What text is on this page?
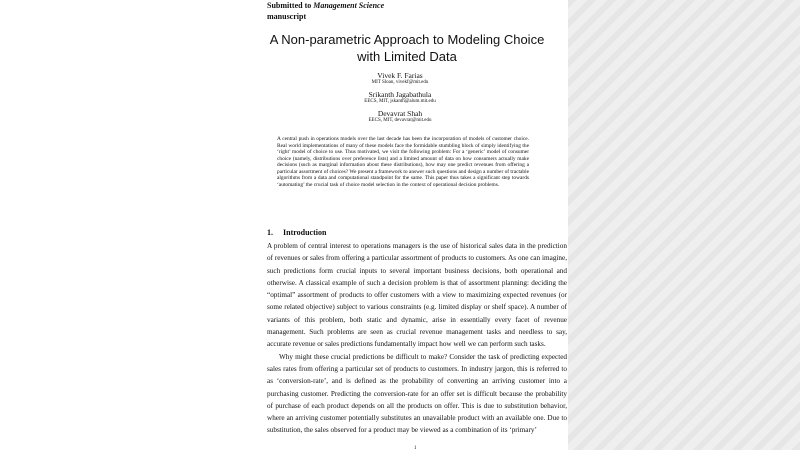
Submitted to Management Science
manuscript
A Non-parametric Approach to Modeling Choice with Limited Data
Vivek F. Farias
MIT Sloan, vivekf@mit.edu
Srikanth Jagabathula
EECS, MIT, jskanth@alum.mit.edu
Devavrat Shah
EECS, MIT, devavrat@mit.edu
A central push in operations models over the last decade has been the incorporation of models of customer choice. Real world implementations of many of these models face the formidable stumbling block of simply identifying the ‘right’ model of choice to use. Thus motivated, we visit the following problem: For a ‘generic’ model of consumer choice (namely, distributions over preference lists) and a limited amount of data on how consumers actually make decisions (such as marginal information about these distributions), how may one predict revenues from offering a particular assortment of choices? We present a framework to answer such questions and design a number of tractable algorithms from a data and computational standpoint for the same. This paper thus takes a significant step towards ‘automating’ the crucial task of choice model selection in the context of operational decision problems.
1. Introduction

A problem of central interest to operations managers is the use of historical sales data in the prediction of revenues or sales from offering a particular assortment of products to customers. As one can imagine, such predictions form crucial inputs to several important business decisions, both operational and otherwise. A classical example of such a decision problem is that of assortment planning: deciding the “optimal” assortment of products to offer customers with a view to maximizing expected revenues (or some related objective) subject to various constraints (e.g. limited display or shelf space). A number of variants of this problem, both static and dynamic, arise in essentially every facet of revenue management. Such problems are seen as crucial revenue management tasks and needless to say, accurate revenue or sales predictions fundamentally impact how well we can perform such tasks.

Why might these crucial predictions be difficult to make? Consider the task of predicting expected sales rates from offering a particular set of products to customers. In industry jargon, this is referred to as ‘conversion-rate’, and is defined as the probability of converting an arriving customer into a purchasing customer. Predicting the conversion-rate for an offer set is difficult because the probability of purchase of each product depends on all the products on offer. This is due to substitution behavior, where an arriving customer potentially substitutes an unavailable product with an available one. Due to substitution, the sales observed for a product may be viewed as a combination of its ‘primary’

1
